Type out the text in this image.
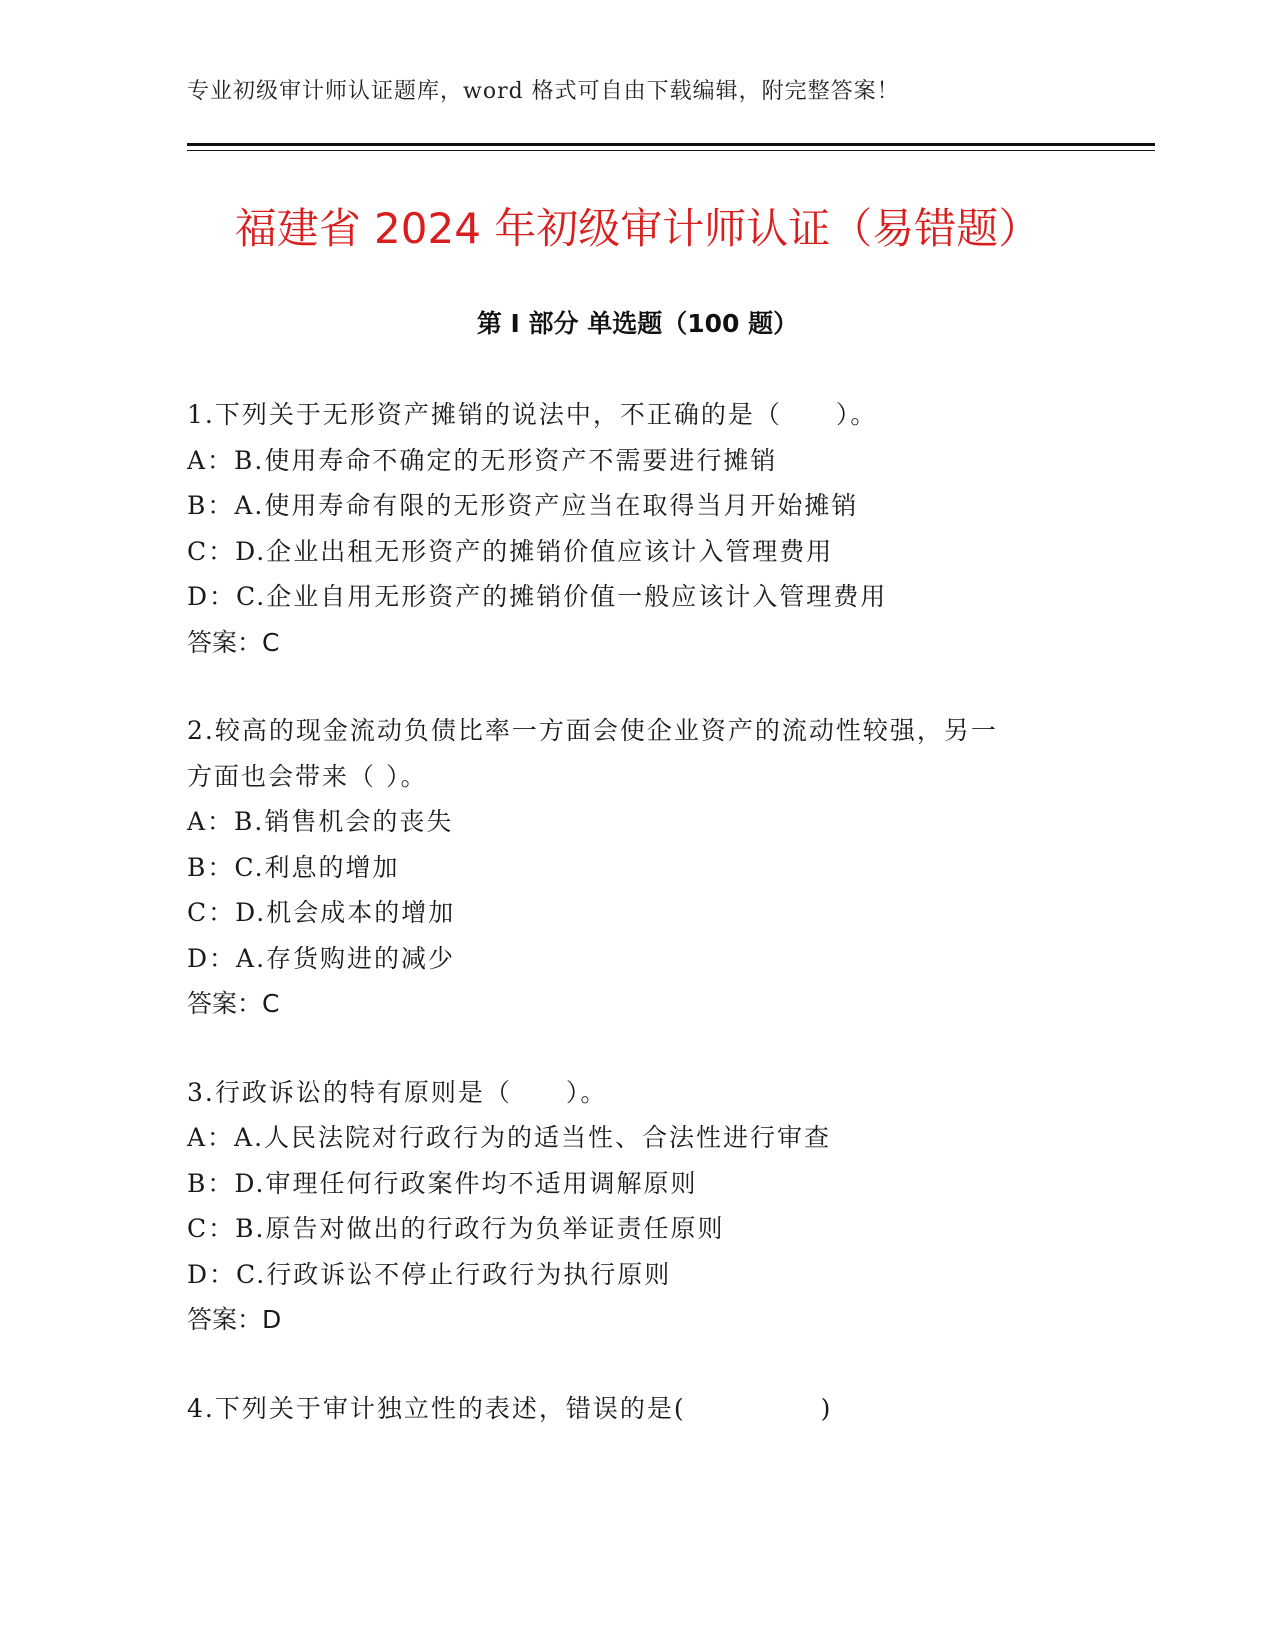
专业初级审计师认证题库，word 格式可自由下载编辑，附完整答案！
福建省 2024 年初级审计师认证（易错题）
第 I 部分 单选题（100 题）
1.下列关于无形资产摊销的说法中，不正确的是（　　）。
A：B.使用寿命不确定的无形资产不需要进行摊销
B：A.使用寿命有限的无形资产应当在取得当月开始摊销
C：D.企业出租无形资产的摊销价值应该计入管理费用
D：C.企业自用无形资产的摊销价值一般应该计入管理费用
答案：C
2.较高的现金流动负债比率一方面会使企业资产的流动性较强，另一
方面也会带来（ ）。
A：B.销售机会的丧失
B：C.利息的增加
C：D.机会成本的增加
D：A.存货购进的减少
答案：C
3.行政诉讼的特有原则是（　　）。
A：A.人民法院对行政行为的适当性、合法性进行审查
B：D.审理任何行政案件均不适用调解原则
C：B.原告对做出的行政行为负举证责任原则
D：C.行政诉讼不停止行政行为执行原则
答案：D
4.下列关于审计独立性的表述，错误的是(　　　　　)
